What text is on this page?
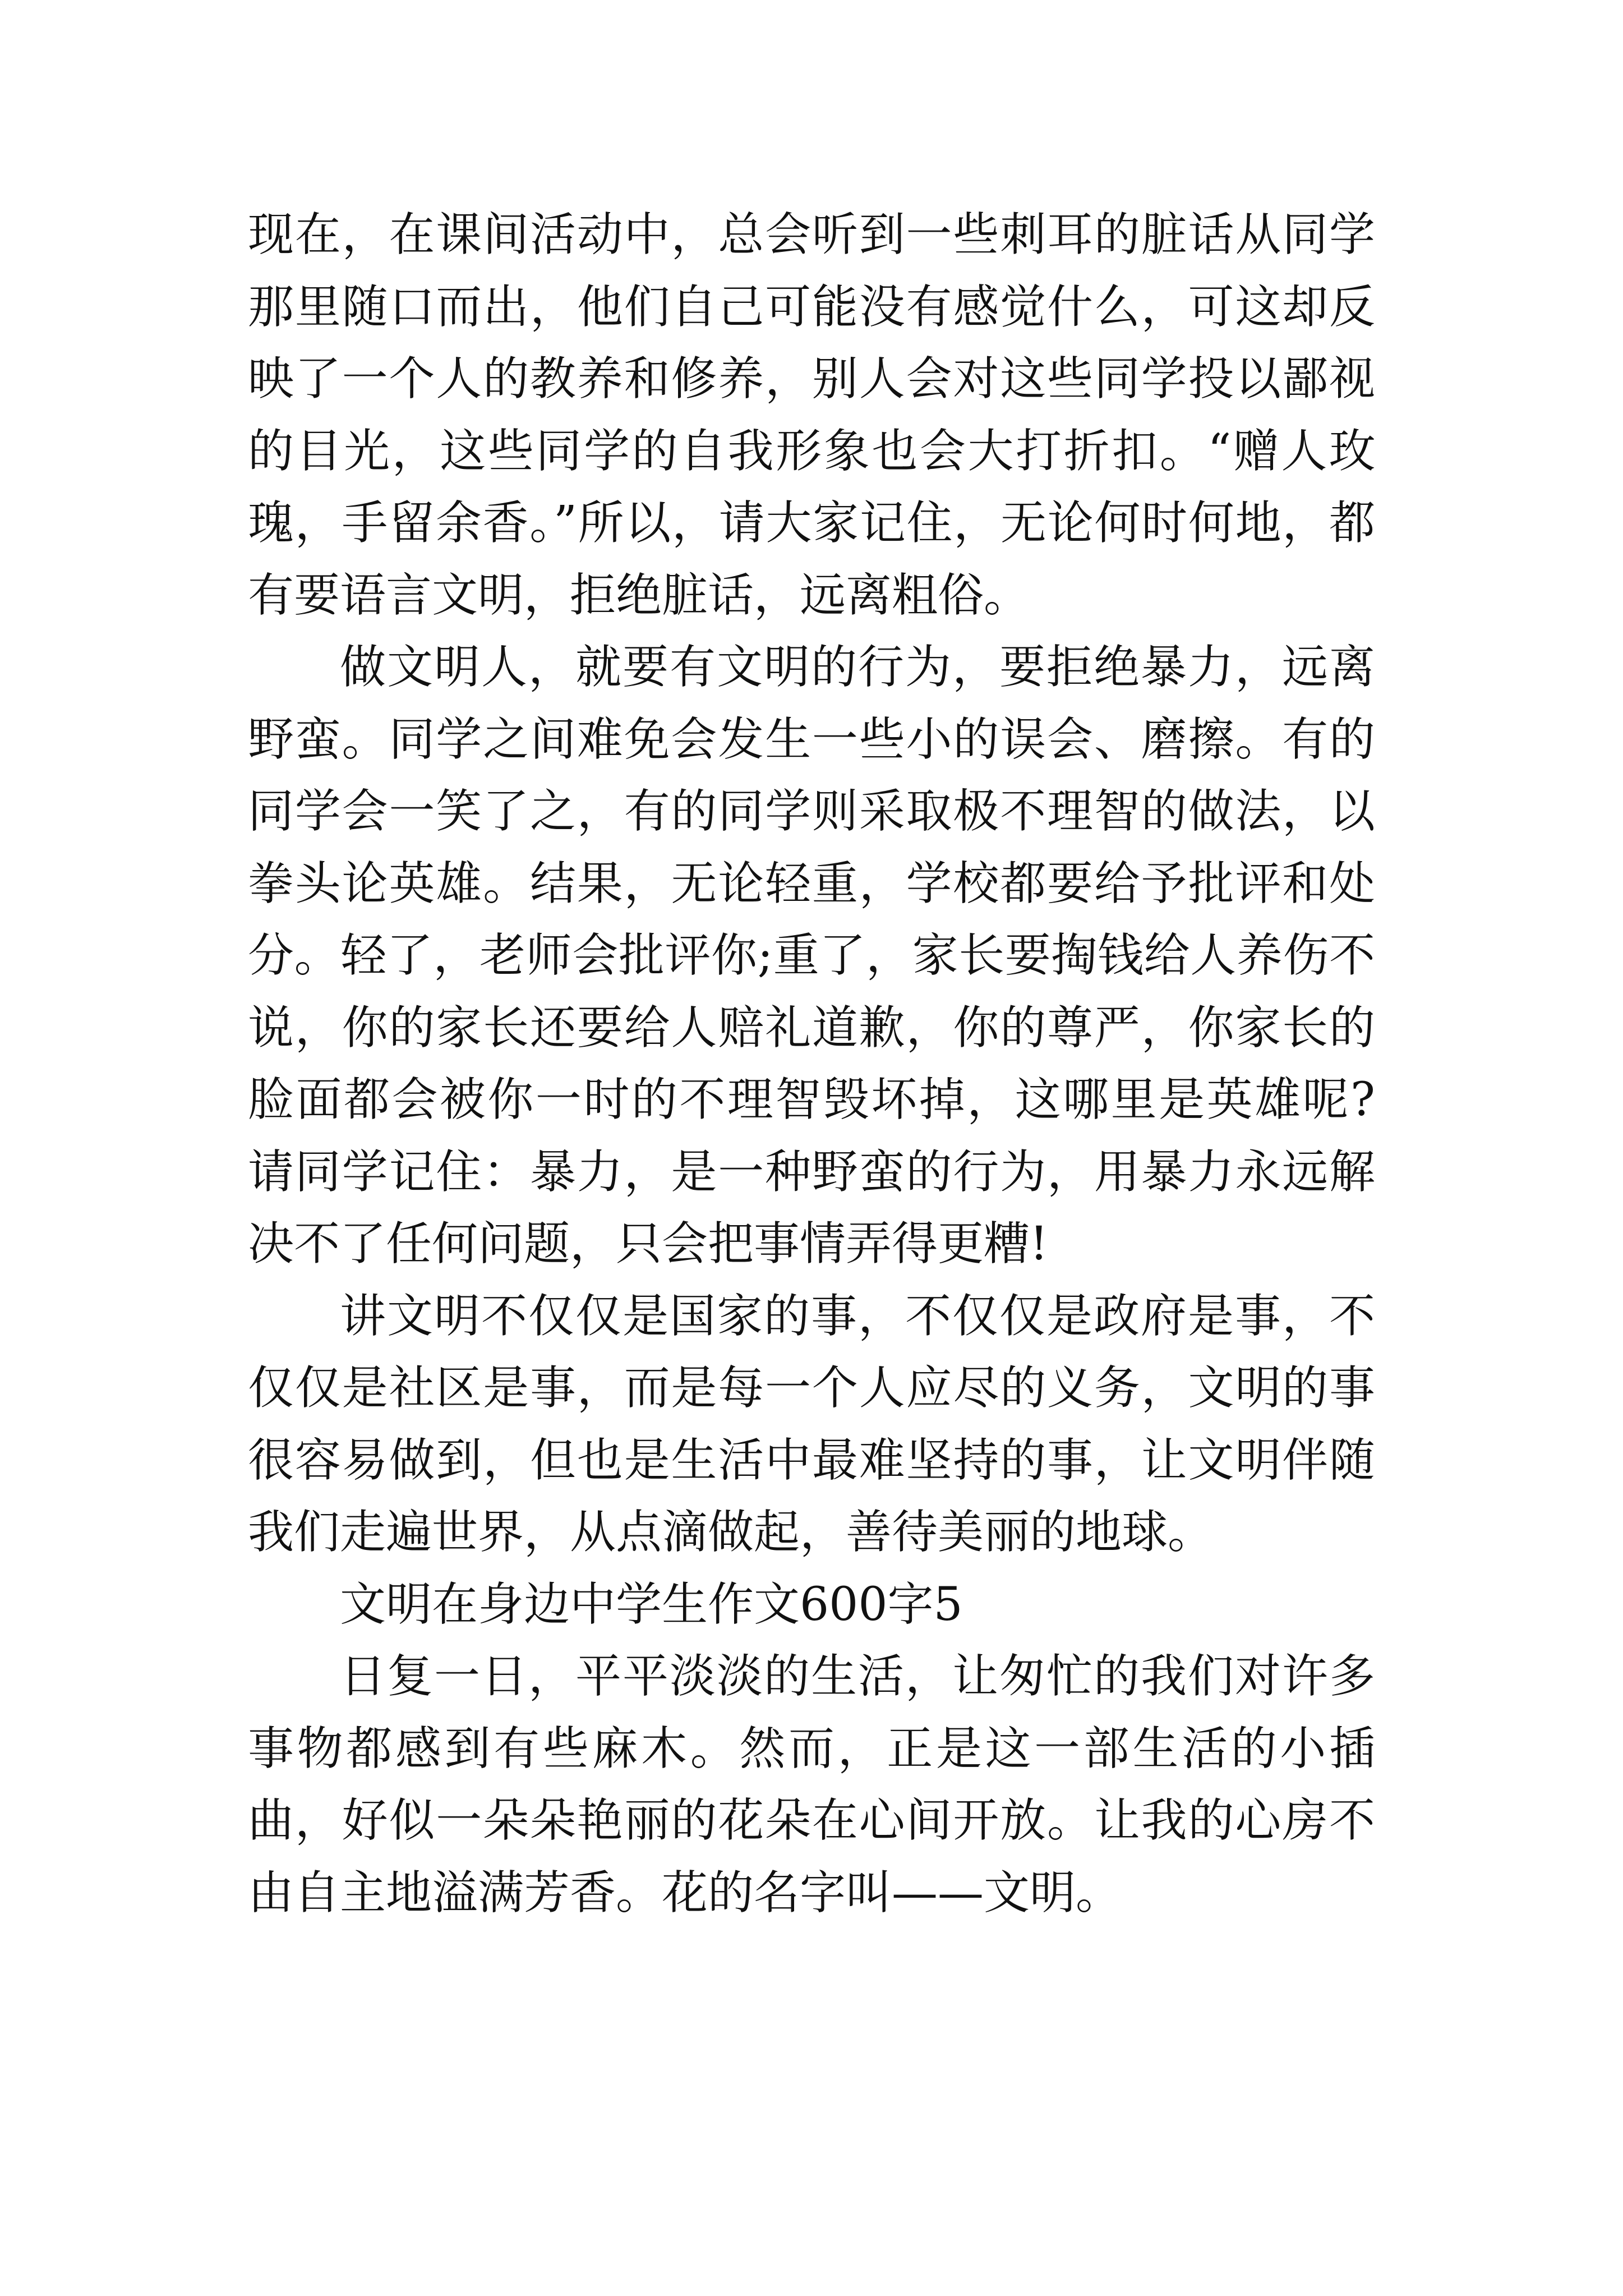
现在，在课间活动中，总会听到一些刺耳的脏话从同学那里随口而出，他们自己可能没有感觉什么，可这却反映了一个人的教养和修养，别人会对这些同学投以鄙视的目光，这些同学的自我形象也会大打折扣。“赠人玫瑰，手留余香。”所以，请大家记住，无论何时何地，都有要语言文明，拒绝脏话，远离粗俗。

做文明人，就要有文明的行为，要拒绝暴力，远离野蛮。同学之间难免会发生一些小的误会、磨擦。有的同学会一笑了之，有的同学则采取极不理智的做法，以拳头论英雄。结果，无论轻重，学校都要给予批评和处分。轻了，老师会批评你;重了，家长要掏钱给人养伤不说，你的家长还要给人赔礼道歉，你的尊严，你家长的脸面都会被你一时的不理智毁坏掉，这哪里是英雄呢?请同学记住：暴力，是一种野蛮的行为，用暴力永远解决不了任何问题，只会把事情弄得更糟!

讲文明不仅仅是国家的事，不仅仅是政府是事，不仅仅是社区是事，而是每一个人应尽的义务，文明的事很容易做到，但也是生活中最难坚持的事，让文明伴随我们走遍世界，从点滴做起，善待美丽的地球。

文明在身边中学生作文600字5

日复一日，平平淡淡的生活，让匆忙的我们对许多事物都感到有些麻木。然而，正是这一部生活的小插曲，好似一朵朵艳丽的花朵在心间开放。让我的心房不由自主地溢满芳香。花的名字叫——文明。
